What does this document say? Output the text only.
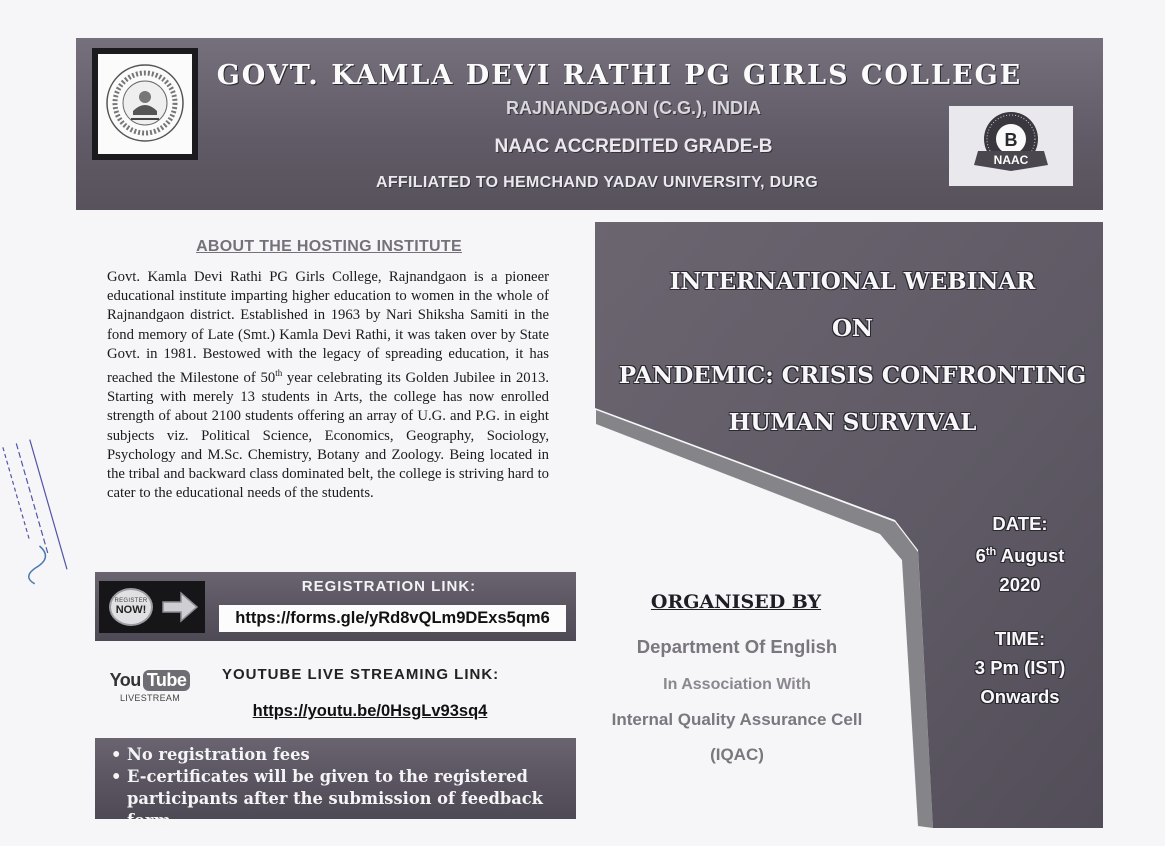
GOVT. KAMLA DEVI RATHI PG GIRLS COLLEGE
RAJNANDGAON (C.G.), INDIA
NAAC ACCREDITED GRADE-B
AFFILIATED TO HEMCHAND YADAV UNIVERSITY, DURG
B
NAAC
ABOUT THE HOSTING INSTITUTE
Govt. Kamla Devi Rathi PG Girls College, Rajnandgaon is a pioneer educational institute imparting higher education to women in the whole of Rajnandgaon district. Established in 1963 by Nari Shiksha Samiti in the fond memory of Late (Smt.) Kamla Devi Rathi, it was taken over by State Govt. in 1981. Bestowed with the legacy of spreading education, it has reached the Milestone of 50th year celebrating its Golden Jubilee in 2013. Starting with merely 13 students in Arts, the college has now enrolled strength of about 2100 students offering an array of U.G. and P.G. in eight subjects viz. Political Science, Economics, Geography, Sociology, Psychology and M.Sc. Chemistry, Botany and Zoology. Being located in the tribal and backward class dominated belt, the college is striving hard to cater to the educational needs of the students.
REGISTER
NOW!
REGISTRATION LINK:
https://forms.gle/yRd8vQLm9DExs5qm6
You Tube
LIVESTREAM
YOUTUBE LIVE STREAMING LINK:
https://youtu.be/0HsgLv93sq4
• No registration fees
• E-certificates will be given to the registered participants after the submission of feedback form
INTERNATIONAL WEBINAR
ON
PANDEMIC: CRISIS CONFRONTING
HUMAN SURVIVAL
DATE:
6th August
2020
TIME:
3 Pm (IST)
Onwards
ORGANISED BY
Department Of English
In Association With
Internal Quality Assurance Cell
(IQAC)
